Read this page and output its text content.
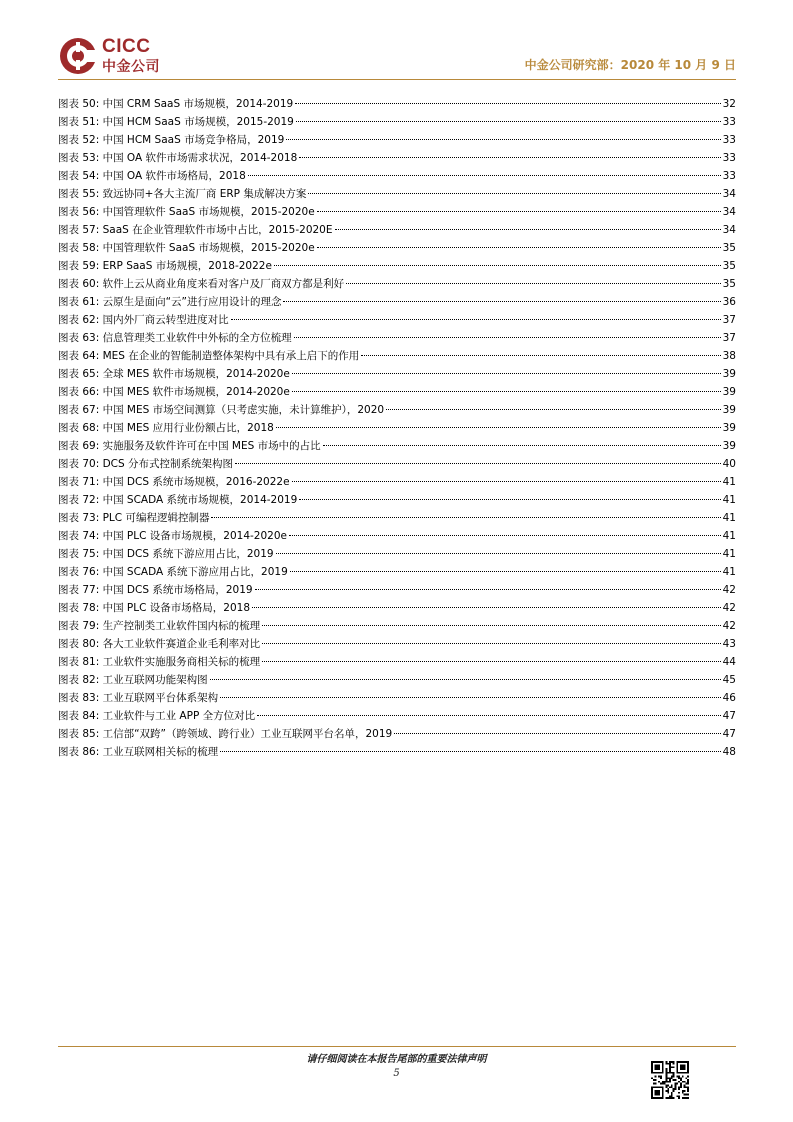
CICC
中金公司	中金公司研究部：2020 年 10 月 9 日
图表 50: 中国 CRM SaaS 市场规模，2014-2019	32
图表 51: 中国 HCM SaaS 市场规模，2015-2019	33
图表 52: 中国 HCM SaaS 市场竞争格局，2019	33
图表 53: 中国 OA 软件市场需求状况，2014-2018	33
图表 54: 中国 OA 软件市场格局，2018	33
图表 55: 致远协同+各大主流厂商 ERP 集成解决方案	34
图表 56: 中国管理软件 SaaS 市场规模，2015-2020e	34
图表 57: SaaS 在企业管理软件市场中占比，2015-2020E	34
图表 58: 中国管理软件 SaaS 市场规模，2015-2020e	35
图表 59: ERP SaaS 市场规模，2018-2022e	35
图表 60: 软件上云从商业角度来看对客户及厂商双方都是利好	35
图表 61: 云原生是面向“云”进行应用设计的理念	36
图表 62: 国内外厂商云转型进度对比	37
图表 63: 信息管理类工业软件中外标的全方位梳理	37
图表 64: MES 在企业的智能制造整体架构中具有承上启下的作用	38
图表 65: 全球 MES 软件市场规模，2014-2020e	39
图表 66: 中国 MES 软件市场规模，2014-2020e	39
图表 67: 中国 MES 市场空间测算（只考虑实施，未计算维护），2020	39
图表 68: 中国 MES 应用行业份额占比，2018	39
图表 69: 实施服务及软件许可在中国 MES 市场中的占比	39
图表 70: DCS 分布式控制系统架构图	40
图表 71: 中国 DCS 系统市场规模，2016-2022e	41
图表 72: 中国 SCADA 系统市场规模，2014-2019	41
图表 73: PLC 可编程逻辑控制器	41
图表 74: 中国 PLC 设备市场规模，2014-2020e	41
图表 75: 中国 DCS 系统下游应用占比，2019	41
图表 76: 中国 SCADA 系统下游应用占比，2019	41
图表 77: 中国 DCS 系统市场格局，2019	42
图表 78: 中国 PLC 设备市场格局，2018	42
图表 79: 生产控制类工业软件国内标的梳理	42
图表 80: 各大工业软件赛道企业毛利率对比	43
图表 81: 工业软件实施服务商相关标的梳理	44
图表 82: 工业互联网功能架构图	45
图表 83: 工业互联网平台体系架构	46
图表 84: 工业软件与工业 APP 全方位对比	47
图表 85: 工信部“双跨”（跨领域、跨行业）工业互联网平台名单，2019	47
图表 86: 工业互联网相关标的梳理	48
请仔细阅读在本报告尾部的重要法律声明
5
